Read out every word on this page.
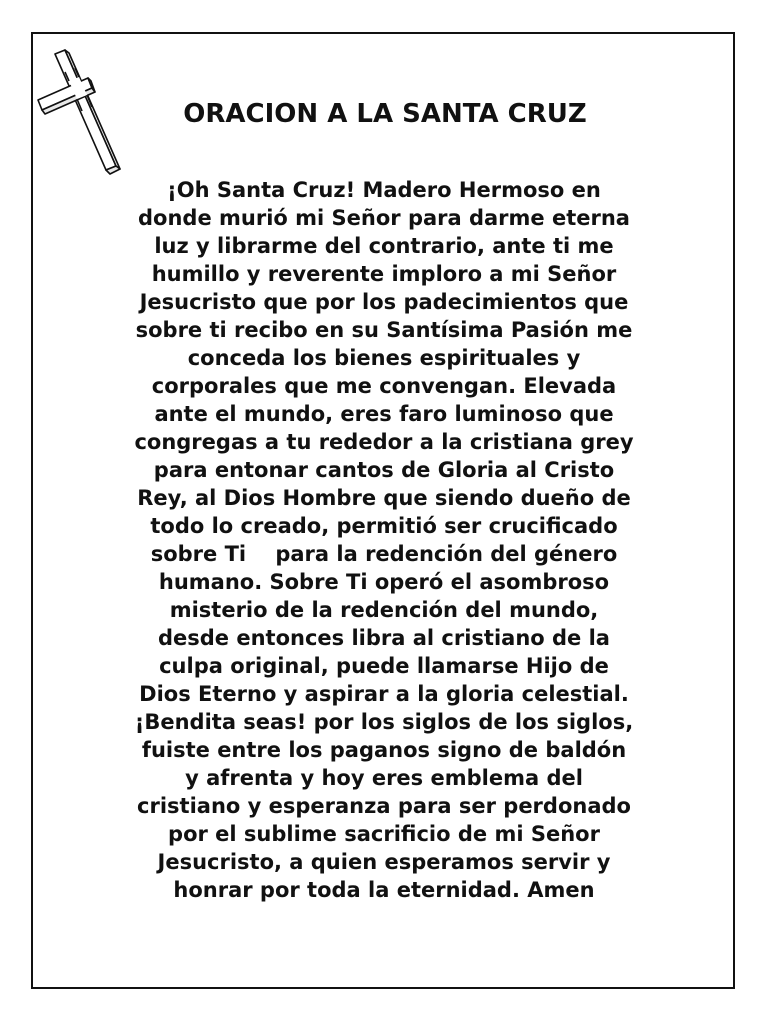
ORACION A LA SANTA CRUZ
¡Oh Santa Cruz! Madero Hermoso en
donde murió mi Señor para darme eterna
luz y librarme del contrario, ante ti me
humillo y reverente imploro a mi Señor
Jesucristo que por los padecimientos que
sobre ti recibo en su Santísima Pasión me
conceda los bienes espirituales y
corporales que me convengan. Elevada
ante el mundo, eres faro luminoso que
congregas a tu rededor a la cristiana grey
para entonar cantos de Gloria al Cristo
Rey, al Dios Hombre que siendo dueño de
todo lo creado, permitió ser crucificado
sobre Ti    para la redención del género
humano. Sobre Ti operó el asombroso
misterio de la redención del mundo,
desde entonces libra al cristiano de la
culpa original, puede llamarse Hijo de
Dios Eterno y aspirar a la gloria celestial.
¡Bendita seas! por los siglos de los siglos,
fuiste entre los paganos signo de baldón
y afrenta y hoy eres emblema del
cristiano y esperanza para ser perdonado
por el sublime sacrificio de mi Señor
Jesucristo, a quien esperamos servir y
honrar por toda la eternidad. Amen
